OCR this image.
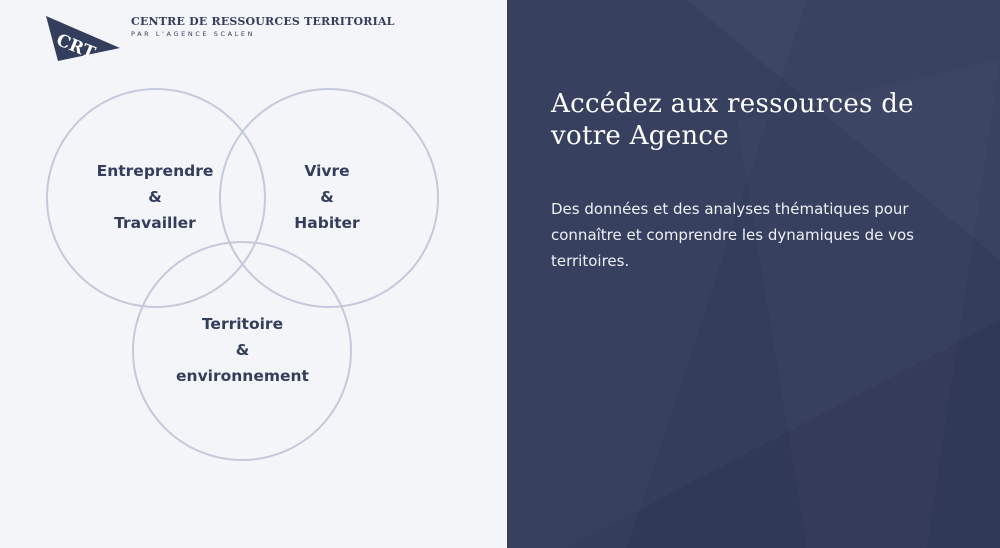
CRT
CENTRE DE RESSOURCES TERRITORIAL
PAR L'AGENCE SCALEN
Entreprendre
&
Travailler
Vivre
&
Habiter
Territoire
&
environnement
Accédez aux ressources de votre Agence
Des données et des analyses thématiques pour connaître et comprendre les dynamiques de vos territoires.
